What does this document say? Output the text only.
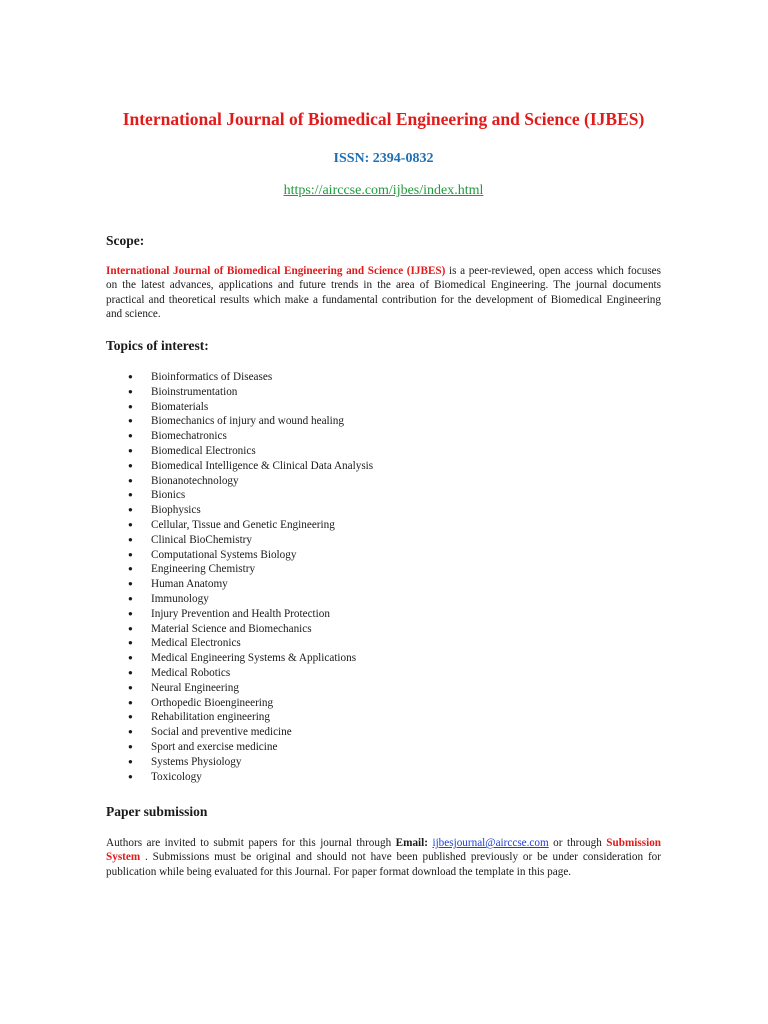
International Journal of Biomedical Engineering and Science (IJBES)
ISSN: 2394-0832
https://airccse.com/ijbes/index.html
Scope:
International Journal of Biomedical Engineering and Science (IJBES) is a peer-reviewed, open access which focuses on the latest advances, applications and future trends in the area of Biomedical Engineering. The journal documents practical and theoretical results which make a fundamental contribution for the development of Biomedical Engineering and science.
Topics of interest:
● Bioinformatics of Diseases
● Bioinstrumentation
● Biomaterials
● Biomechanics of injury and wound healing
● Biomechatronics
● Biomedical Electronics
● Biomedical Intelligence & Clinical Data Analysis
● Bionanotechnology
● Bionics
● Biophysics
● Cellular, Tissue and Genetic Engineering
● Clinical BioChemistry
● Computational Systems Biology
● Engineering Chemistry
● Human Anatomy
● Immunology
● Injury Prevention and Health Protection
● Material Science and Biomechanics
● Medical Electronics
● Medical Engineering Systems & Applications
● Medical Robotics
● Neural Engineering
● Orthopedic Bioengineering
● Rehabilitation engineering
● Social and preventive medicine
● Sport and exercise medicine
● Systems Physiology
● Toxicology
Paper submission
Authors are invited to submit papers for this journal through Email: ijbesjournal@airccse.com or through Submission System . Submissions must be original and should not have been published previously or be under consideration for publication while being evaluated for this Journal. For paper format download the template in this page.
